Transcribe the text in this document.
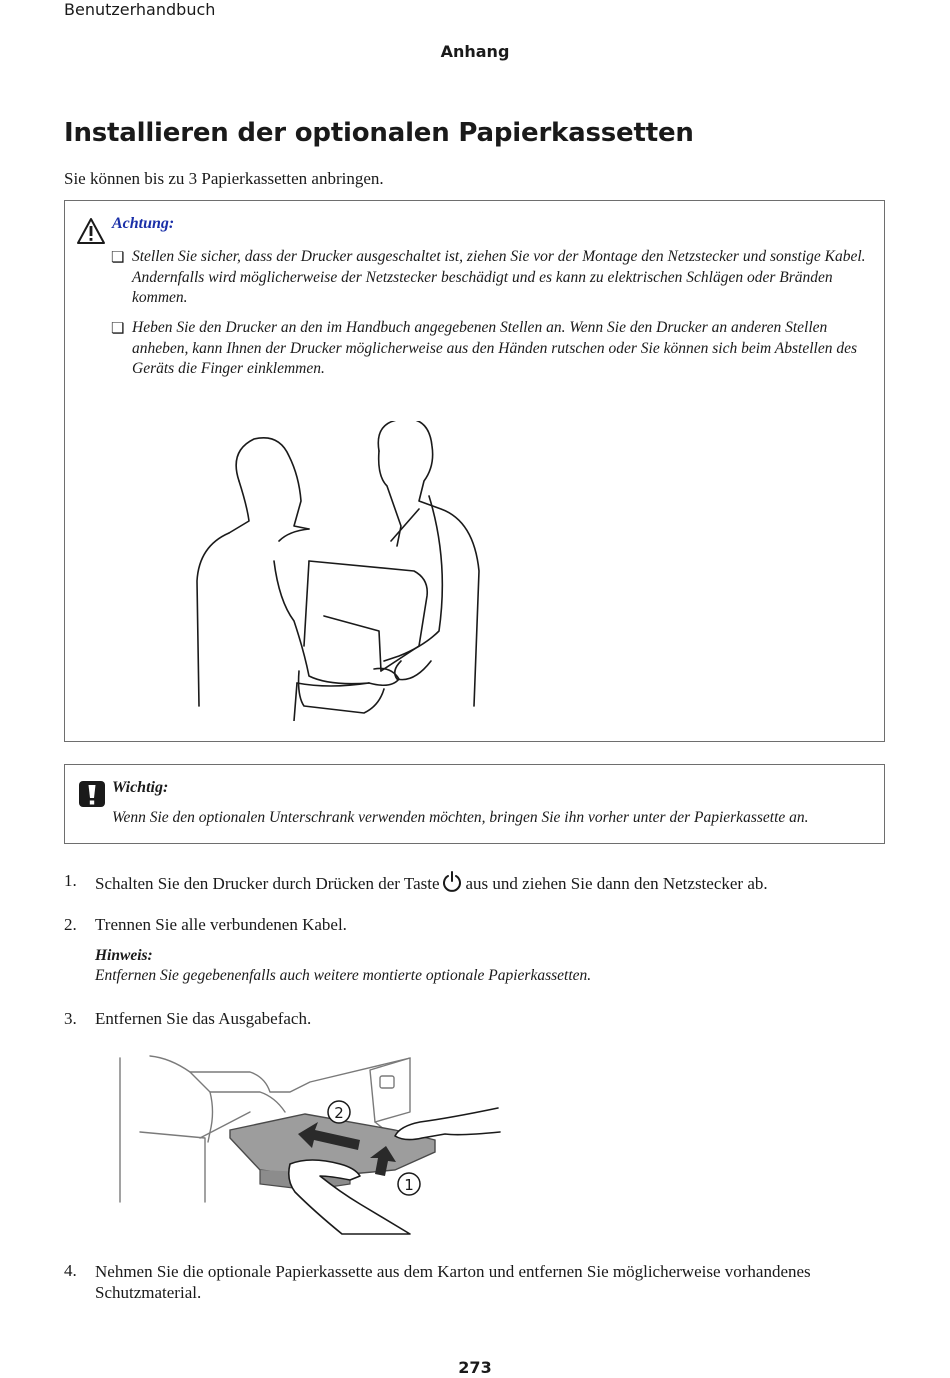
Benutzerhandbuch
Anhang
Installieren der optionalen Papierkassetten
Sie können bis zu 3 Papierkassetten anbringen.
Achtung:
❏ Stellen Sie sicher, dass der Drucker ausgeschaltet ist, ziehen Sie vor der Montage den Netzstecker und sonstige Kabel. Andernfalls wird möglicherweise der Netzstecker beschädigt und es kann zu elektrischen Schlägen oder Bränden kommen.
❏ Heben Sie den Drucker an den im Handbuch angegebenen Stellen an. Wenn Sie den Drucker an anderen Stellen anheben, kann Ihnen der Drucker möglicherweise aus den Händen rutschen oder Sie können sich beim Abstellen des Geräts die Finger einklemmen.
Wichtig:
Wenn Sie den optionalen Unterschrank verwenden möchten, bringen Sie ihn vorher unter der Papierkassette an.
1. Schalten Sie den Drucker durch Drücken der Taste aus und ziehen Sie dann den Netzstecker ab.
2. Trennen Sie alle verbundenen Kabel.
Hinweis:
Entfernen Sie gegebenenfalls auch weitere montierte optionale Papierkassetten.
3. Entfernen Sie das Ausgabefach.
2
1
4. Nehmen Sie die optionale Papierkassette aus dem Karton und entfernen Sie möglicherweise vorhandenes Schutzmaterial.
273
